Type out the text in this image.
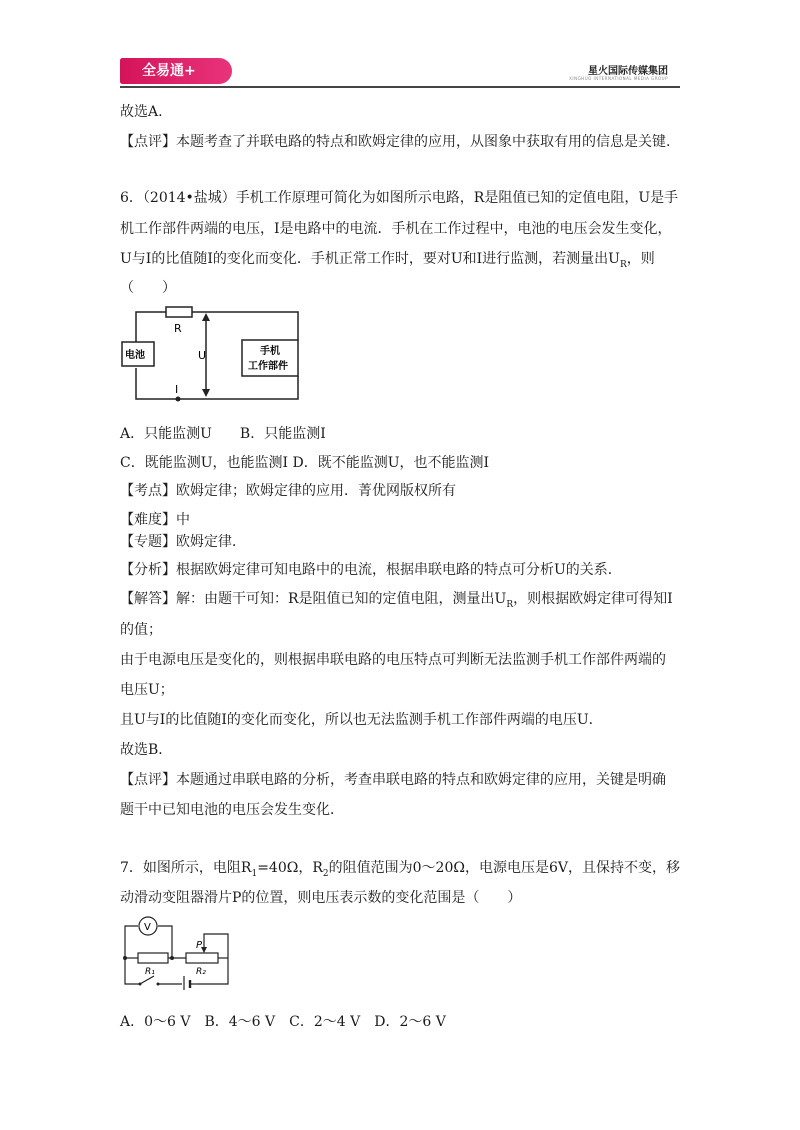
全易通+	星火国际传媒集团
XINGHUO INTERNATIONAL MEDIA GROUP
故选A.
【点评】本题考查了并联电路的特点和欧姆定律的应用，从图象中获取有用的信息是关键.
6．（2014•盐城）手机工作原理可简化为如图所示电路，R是阻值已知的定值电阻，U是手
机工作部件两端的电压，I是电路中的电流．手机在工作过程中，电池的电压会发生变化，
U与I的比值随I的变化而变化．手机正常工作时，要对U和I进行监测，若测量出$U_R$，则
（　　）
R
电池	U
I
手机
工作部件
A．只能监测U　　B．只能监测I
C．既能监测U，也能监测I D．既不能监测U，也不能监测I
【考点】欧姆定律；欧姆定律的应用．菁优网版权所有
【难度】中
【专题】欧姆定律．
【分析】根据欧姆定律可知电路中的电流，根据串联电路的特点可分析U的关系．
【解答】解：由题干可知：R是阻值已知的定值电阻，测量出$U_R$，则根据欧姆定律可得知I
的值；
由于电源电压是变化的，则根据串联电路的电压特点可判断无法监测手机工作部件两端的
电压U；
且U与I的比值随I的变化而变化，所以也无法监测手机工作部件两端的电压U．
故选B．
【点评】本题通过串联电路的分析，考查串联电路的特点和欧姆定律的应用，关键是明确
题干中已知电池的电压会发生变化．
7．如图所示，电阻$R_1=40\Omega$，$R_2$的阻值范围为0～20Ω，电源电压是6V，且保持不变，移
动滑动变阻器滑片P的位置，则电压表示数的变化范围是（　　）
V
P
R₁	R₂
A．0～6 V　B．4～6 V　C．2～4 V　D．2～6 V
